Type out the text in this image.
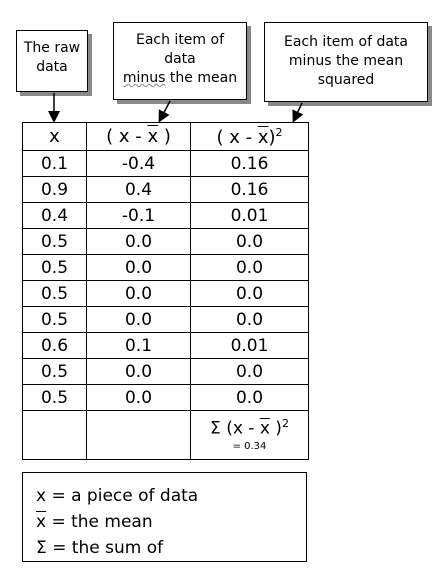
The raw
data
Each item of
data
minus the mean
Each item of data
minus the mean
squared
x	( x - $\overline{x}$ )	( x - $\overline{x})^2$
0.1	-0.4	0.16
0.9	0.4	0.16
0.4	-0.1	0.01
0.5	0.0	0.0
0.5	0.0	0.0
0.5	0.0	0.0
0.5	0.0	0.0
0.6	0.1	0.01
0.5	0.0	0.0
0.5	0.0	0.0

		Σ ($x - \overline{x}$ )$^2$
= 0.34
x = a piece of data
$\overline{x}$ = the mean
Σ = the sum of
